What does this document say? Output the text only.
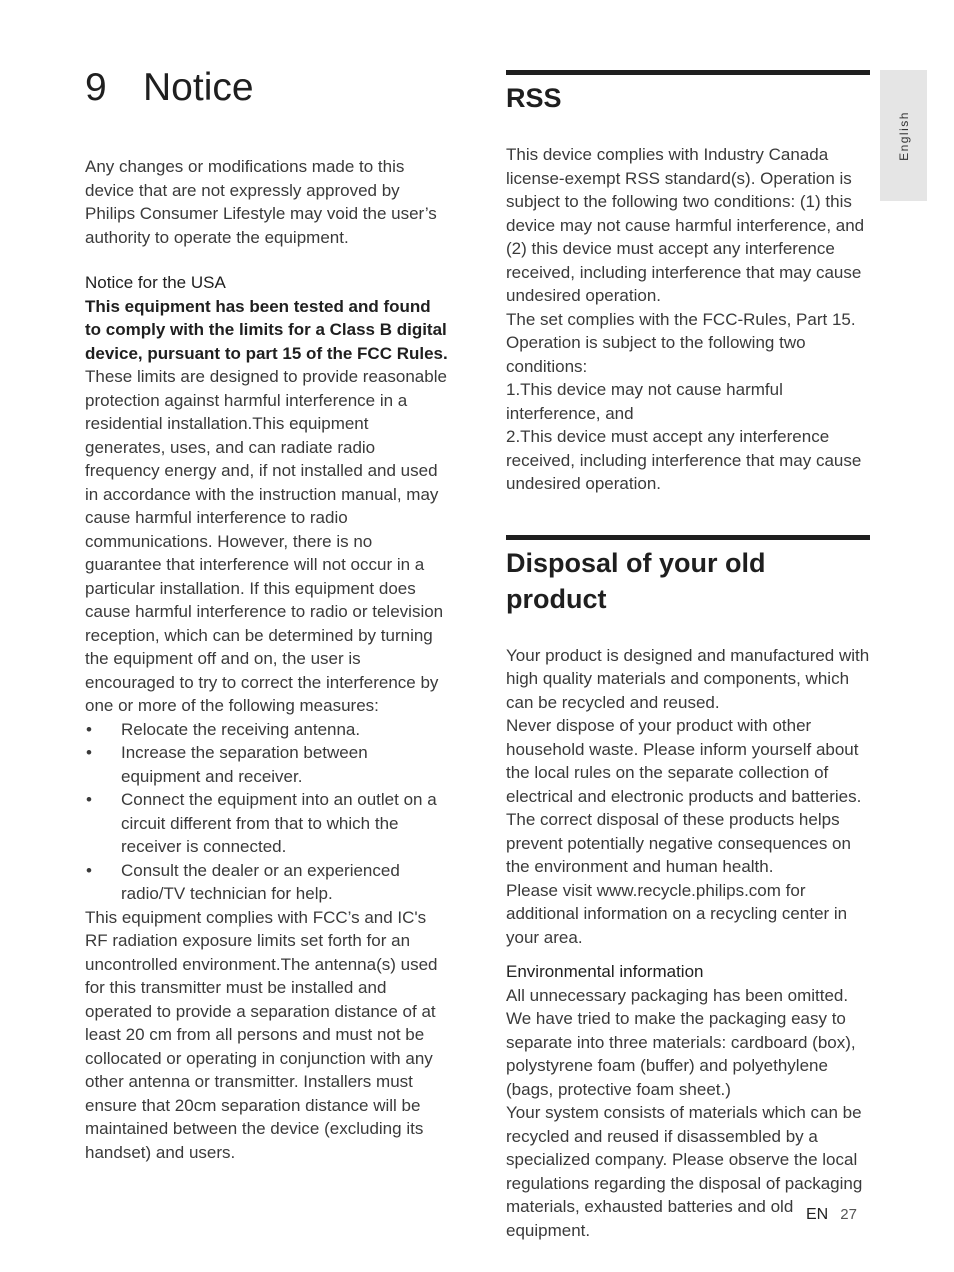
9 Notice

Any changes or modifications made to this device that are not expressly approved by Philips Consumer Lifestyle may void the user’s authority to operate the equipment.

Notice for the USA

This equipment has been tested and found to comply with the limits for a Class B digital device, pursuant to part 15 of the FCC Rules.

These limits are designed to provide reasonable protection against harmful interference in a residential installation.This equipment generates, uses, and can radiate radio frequency energy and, if not installed and used in accordance with the instruction manual, may cause harmful interference to radio communications. However, there is no guarantee that interference will not occur in a particular installation. If this equipment does cause harmful interference to radio or television reception, which can be determined by turning the equipment off and on, the user is encouraged to try to correct the interference by one or more of the following measures:

• Relocate the receiving antenna.
• Increase the separation between equipment and receiver.
• Connect the equipment into an outlet on a circuit different from that to which the receiver is connected.
• Consult the dealer or an experienced radio/TV technician for help.

This equipment complies with FCC’s and IC's RF radiation exposure limits set forth for an uncontrolled environment.The antenna(s) used for this transmitter must be installed and operated to provide a separation distance of at least 20 cm from all persons and must not be collocated or operating in conjunction with any other antenna or transmitter. Installers must ensure that 20cm separation distance will be maintained between the device (excluding its handset) and users.

RSS

This device complies with Industry Canada license-exempt RSS standard(s). Operation is subject to the following two conditions: (1) this device may not cause harmful interference, and (2) this device must accept any interference received, including interference that may cause undesired operation.

The set complies with the FCC-Rules, Part 15. Operation is subject to the following two conditions:

1.This device may not cause harmful interference, and

2.This device must accept any interference received, including interference that may cause undesired operation.

Disposal of your old product

Your product is designed and manufactured with high quality materials and components, which can be recycled and reused.

Never dispose of your product with other household waste. Please inform yourself about the local rules on the separate collection of electrical and electronic products and batteries. The correct disposal of these products helps prevent potentially negative consequences on the environment and human health.

Please visit www.recycle.philips.com for additional information on a recycling center in your area.

Environmental information

All unnecessary packaging has been omitted. We have tried to make the packaging easy to separate into three materials: cardboard (box), polystyrene foam (buffer) and polyethylene (bags, protective foam sheet.)

Your system consists of materials which can be recycled and reused if disassembled by a specialized company. Please observe the local regulations regarding the disposal of packaging materials, exhausted batteries and old equipment.

English
EN 27
